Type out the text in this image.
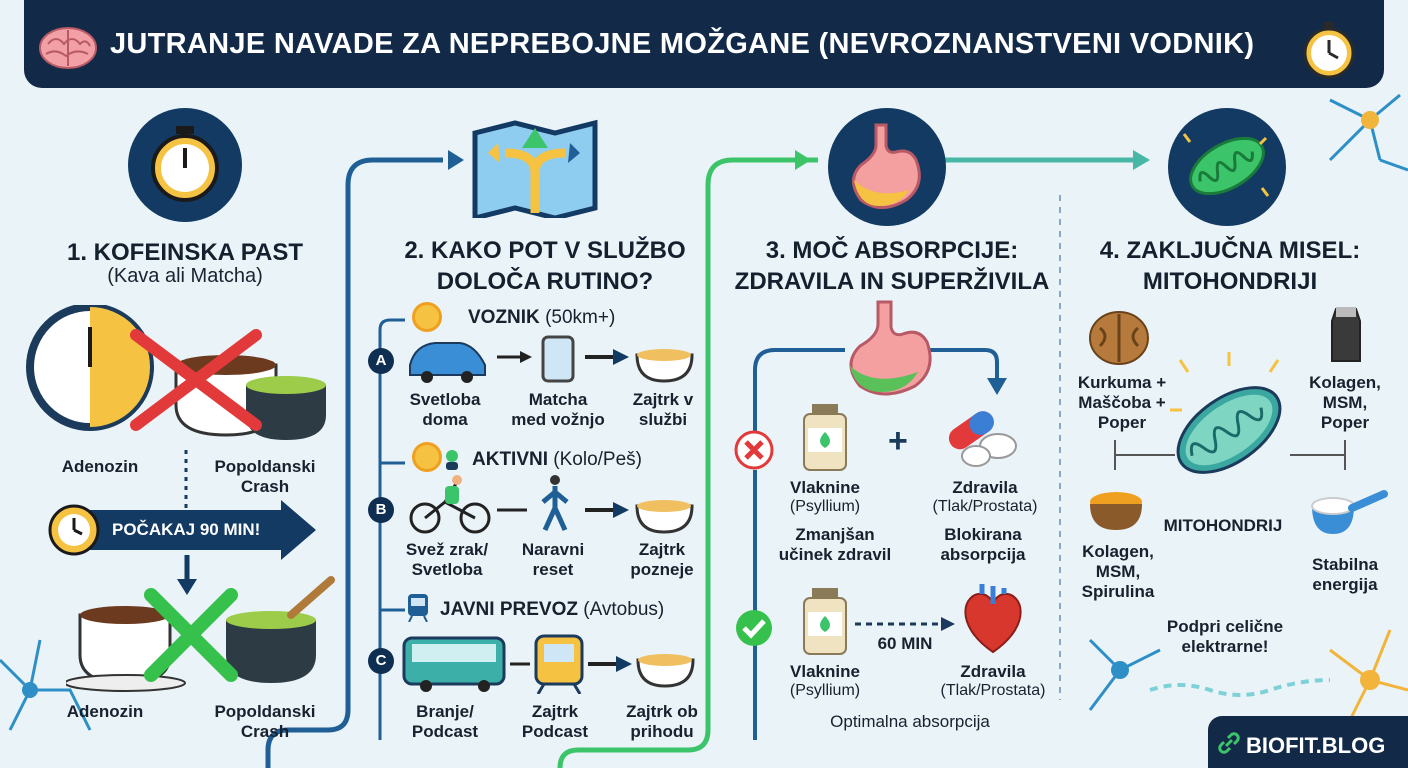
JUTRANJE NAVADE ZA NEPREBOJNE MOŽGANE (NEVROZNANSTVENI VODNIK)
1. KOFEINSKA PAST
(Kava ali Matcha)
Adenozin	Popoldanski
Crash
POČAKAJ 90 MIN!
Adenozin	Popoldanski
Crash
2. KAKO POT V SLUŽBO
DOLOČA RUTINO?
A
VOZNIK (50km+)
Svetloba
doma
Matcha
med vožnjo
Zajtrk v
službi
B
AKTIVNI (Kolo/Peš)
Svež zrak/
Svetloba
Naravni
reset
Zajtrk
pozneje
C
JAVNI PREVOZ (Avtobus)
Branje/
Podcast
Zajtrk
Podcast
Zajtrk ob
prihodu
3. MOČ ABSORPCIJE:
ZDRAVILA IN SUPERŽIVILA
+
Vlaknine
(Psyllium)
Zdravila
(Tlak/Prostata)
Zmanjšan
učinek zdravil
Blokirana
absorpcija
60 MIN
Vlaknine
(Psyllium)
Zdravila
(Tlak/Prostata)
Optimalna absorpcija
4. ZAKLJUČNA MISEL:
MITOHONDRIJI
Kurkuma +
Maščoba +
Poper
Kolagen,
MSM,
Poper
Kolagen,
MSM,
Spirulina
MITOHONDRIJ
Stabilna
energija
Podpri celične
elektrarne!
BIOFIT.BLOG
